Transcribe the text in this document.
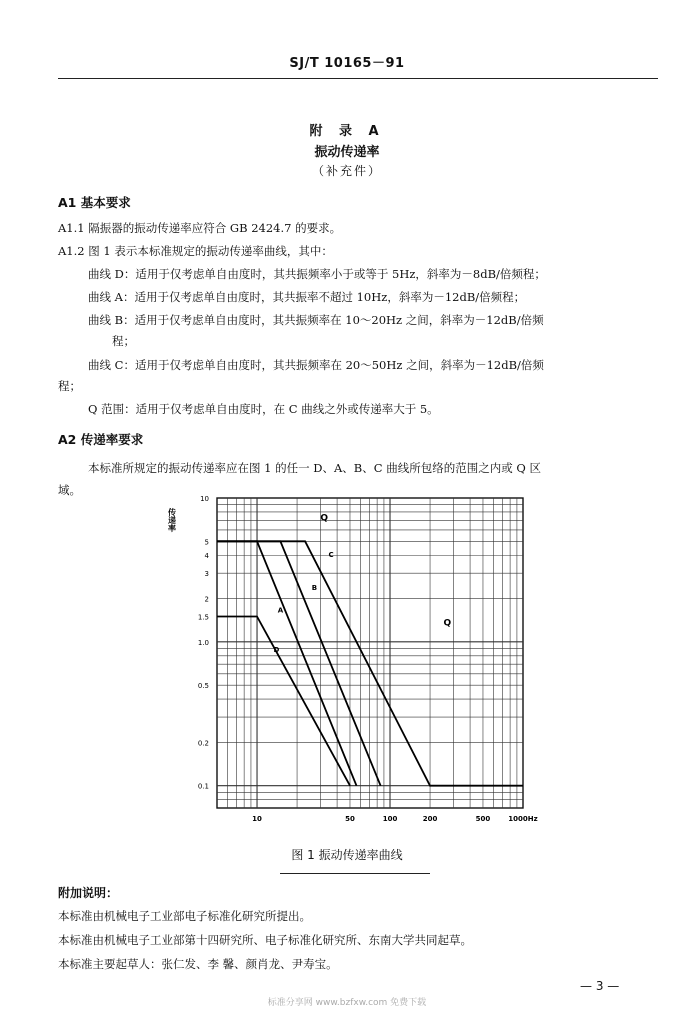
SJ/T 10165－91
附 录 A
振动传递率
（补充件）
A1 基本要求
A1.1 隔振器的振动传递率应符合 GB 2424.7 的要求。
A1.2 图 1 表示本标准规定的振动传递率曲线，其中：
曲线 D：适用于仅考虑单自由度时，其共振频率小于或等于 5Hz，斜率为－8dB/倍频程；
曲线 A：适用于仅考虑单自由度时，其共振率不超过 10Hz，斜率为－12dB/倍频程；
曲线 B：适用于仅考虑单自由度时，其共振频率在 10～20Hz 之间，斜率为－12dB/倍频
程；
曲线 C：适用于仅考虑单自由度时，其共振频率在 20～50Hz 之间，斜率为－12dB/倍频
程；
Q 范围：适用于仅考虑单自由度时，在 C 曲线之外或传递率大于 5。
A2 传递率要求
本标准所规定的振动传递率应在图 1 的任一 D、A、B、C 曲线所包络的范围之内或 Q 区
域。
10
5
4
3
2
1.5
1.0
0.5
0.2
0.1
10	50	100	200	500	1000Hz
Q
Q
C
B
A
D
传递率
图 1 振动传递率曲线
附加说明：
本标准由机械电子工业部电子标准化研究所提出。
本标准由机械电子工业部第十四研究所、电子标准化研究所、东南大学共同起草。
本标准主要起草人：张仁发、李 馨、颜肖龙、尹寿宝。
— 3 —
标准分享网 www.bzfxw.com 免费下载
